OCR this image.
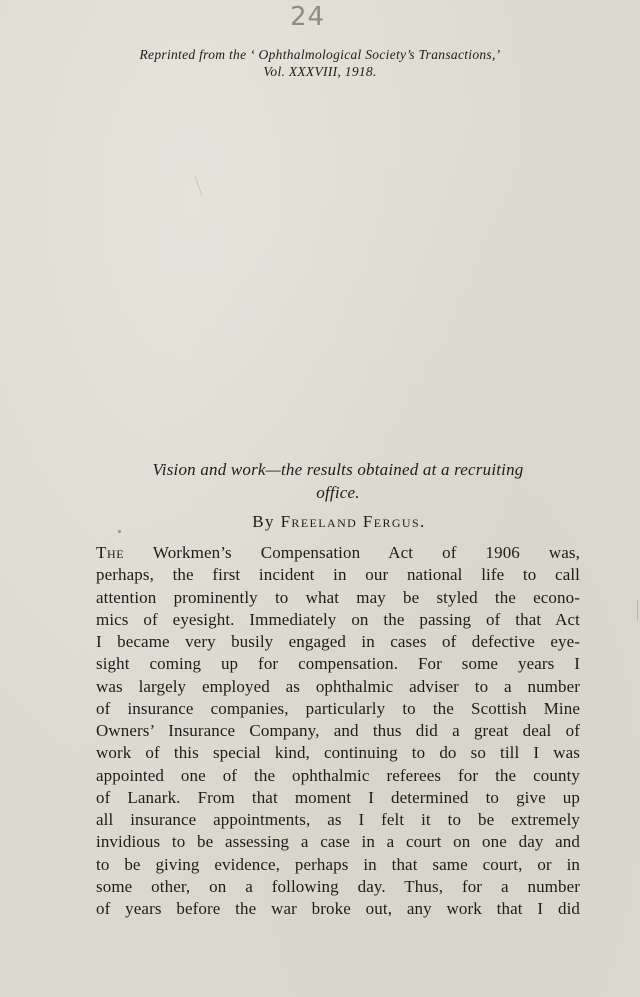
24
Reprinted from the ‘ Ophthalmological Society’s Transactions,’
Vol. XXXVIII, 1918.
Vision and work—the results obtained at a recruiting
office.
By Freeland Fergus.
The Workmen’s Compensation Act of 1906 was,
perhaps, the first incident in our national life to call
attention prominently to what may be styled the econo-
mics of eyesight. Immediately on the passing of that Act
I became very busily engaged in cases of defective eye-
sight coming up for compensation. For some years I
was largely employed as ophthalmic adviser to a number
of insurance companies, particularly to the Scottish Mine
Owners’ Insurance Company, and thus did a great deal of
work of this special kind, continuing to do so till I was
appointed one of the ophthalmic referees for the county
of Lanark. From that moment I determined to give up
all insurance appointments, as I felt it to be extremely
invidious to be assessing a case in a court on one day and
to be giving evidence, perhaps in that same court, or in
some other, on a following day. Thus, for a number
of years before the war broke out, any work that I did
